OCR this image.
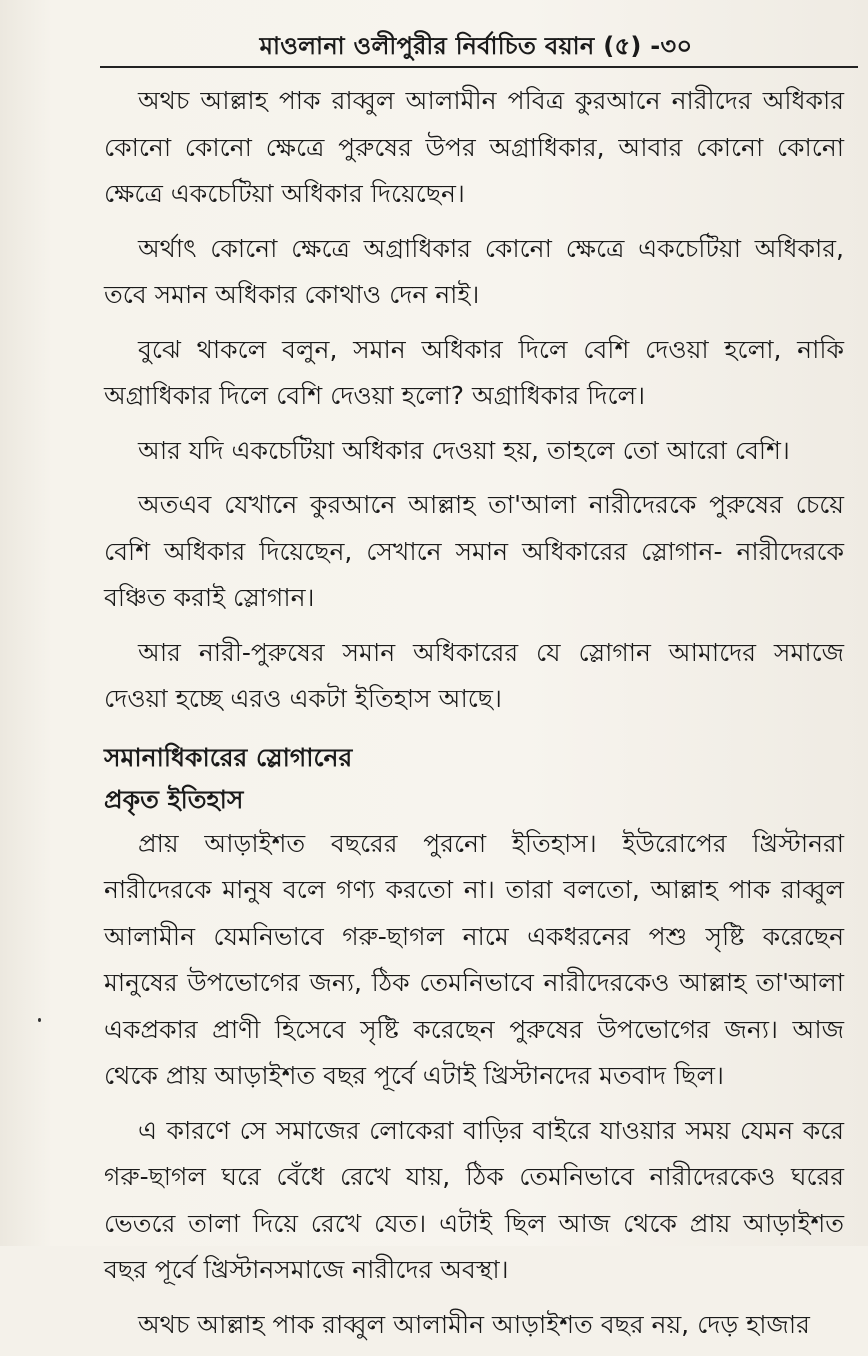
মাওলানা ওলীপুরীর নির্বাচিত বয়ান (৫) -৩০

অথচ আল্লাহ পাক রাব্বুল আলামীন পবিত্র কুরআনে নারীদের অধিকার কোনো কোনো ক্ষেত্রে পুরুষের উপর অগ্রাধিকার, আবার কোনো কোনো ক্ষেত্রে একচেটিয়া অধিকার দিয়েছেন।

অর্থাৎ কোনো ক্ষেত্রে অগ্রাধিকার কোনো ক্ষেত্রে একচেটিয়া অধিকার, তবে সমান অধিকার কোথাও দেন নাই।

বুঝে থাকলে বলুন, সমান অধিকার দিলে বেশি দেওয়া হলো, নাকি অগ্রাধিকার দিলে বেশি দেওয়া হলো? অগ্রাধিকার দিলে।

আর যদি একচেটিয়া অধিকার দেওয়া হয়, তাহলে তো আরো বেশি।

অতএব যেখানে কুরআনে আল্লাহ তা'আলা নারীদেরকে পুরুষের চেয়ে বেশি অধিকার দিয়েছেন, সেখানে সমান অধিকারের স্লোগান- নারীদেরকে বঞ্চিত করাই স্লোগান।

আর নারী-পুরুষের সমান অধিকারের যে স্লোগান আমাদের সমাজে দেওয়া হচ্ছে এরও একটা ইতিহাস আছে।

সমানাধিকারের স্লোগানের
প্রকৃত ইতিহাস

প্রায় আড়াইশত বছরের পুরনো ইতিহাস। ইউরোপের খ্রিস্টানরা নারীদেরকে মানুষ বলে গণ্য করতো না। তারা বলতো, আল্লাহ পাক রাব্বুল আলামীন যেমনিভাবে গরু-ছাগল নামে একধরনের পশু সৃষ্টি করেছেন মানুষের উপভোগের জন্য, ঠিক তেমনিভাবে নারীদেরকেও আল্লাহ তা'আলা একপ্রকার প্রাণী হিসেবে সৃষ্টি করেছেন পুরুষের উপভোগের জন্য। আজ থেকে প্রায় আড়াইশত বছর পূর্বে এটাই খ্রিস্টানদের মতবাদ ছিল।

এ কারণে সে সমাজের লোকেরা বাড়ির বাইরে যাওয়ার সময় যেমন করে গরু-ছাগল ঘরে বেঁধে রেখে যায়, ঠিক তেমনিভাবে নারীদেরকেও ঘরের ভেতরে তালা দিয়ে রেখে যেত। এটাই ছিল আজ থেকে প্রায় আড়াইশত বছর পূর্বে খ্রিস্টানসমাজে নারীদের অবস্থা।

অথচ আল্লাহ পাক রাব্বুল আলামীন আড়াইশত বছর নয়, দেড় হাজার
